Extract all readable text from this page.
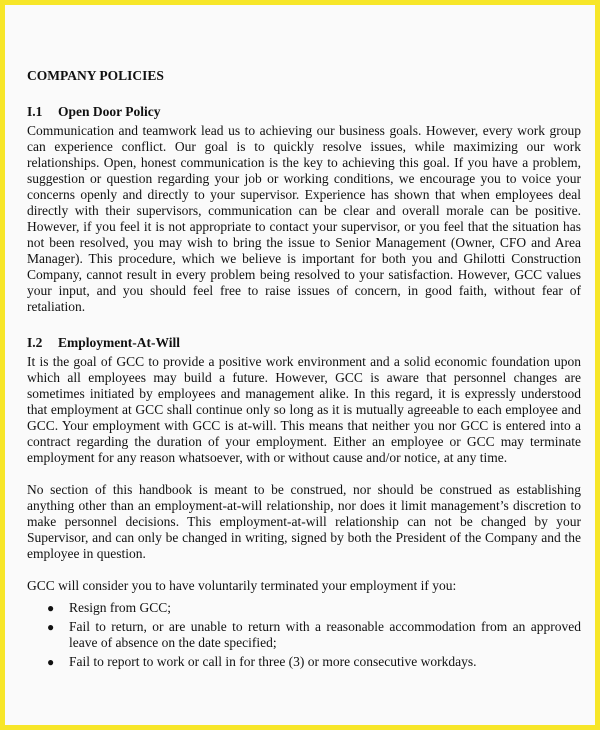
COMPANY POLICIES
I.1	Open Door Policy

Communication and teamwork lead us to achieving our business goals. However, every work group can experience conflict. Our goal is to quickly resolve issues, while maximizing our work relationships. Open, honest communication is the key to achieving this goal. If you have a problem, suggestion or question regarding your job or working conditions, we encourage you to voice your concerns openly and directly to your supervisor. Experience has shown that when employees deal directly with their supervisors, communication can be clear and overall morale can be positive. However, if you feel it is not appropriate to contact your supervisor, or you feel that the situation has not been resolved, you may wish to bring the issue to Senior Management (Owner, CFO and Area Manager). This procedure, which we believe is important for both you and Ghilotti Construction Company, cannot result in every problem being resolved to your satisfaction. However, GCC values your input, and you should feel free to raise issues of concern, in good faith, without fear of retaliation.

I.2	Employment-At-Will

It is the goal of GCC to provide a positive work environment and a solid economic foundation upon which all employees may build a future. However, GCC is aware that personnel changes are sometimes initiated by employees and management alike. In this regard, it is expressly understood that employment at GCC shall continue only so long as it is mutually agreeable to each employee and GCC. Your employment with GCC is at-will. This means that neither you nor GCC is entered into a contract regarding the duration of your employment. Either an employee or GCC may terminate employment for any reason whatsoever, with or without cause and/or notice, at any time.

No section of this handbook is meant to be construed, nor should be construed as establishing anything other than an employment-at-will relationship, nor does it limit management’s discretion to make personnel decisions. This employment-at-will relationship can not be changed by your Supervisor, and can only be changed in writing, signed by both the President of the Company and the employee in question.

GCC will consider you to have voluntarily terminated your employment if you:

●	Resign from GCC;
●	Fail to return, or are unable to return with a reasonable accommodation from an approved leave of absence on the date specified;
●	Fail to report to work or call in for three (3) or more consecutive workdays.
